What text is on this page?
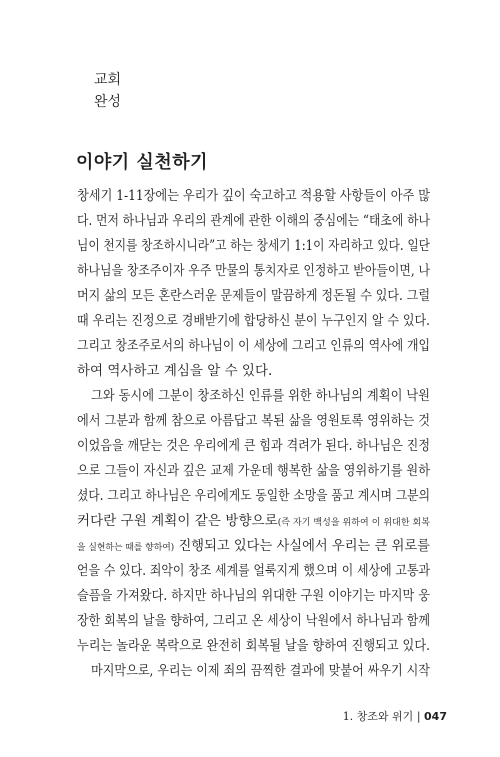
교회
완성
이야기 실천하기
창세기 1-11장에는 우리가 깊이 숙고하고 적용할 사항들이 아주 많
다. 먼저 하나님과 우리의 관계에 관한 이해의 중심에는 “태초에 하나
님이 천지를 창조하시니라”고 하는 창세기 1:1이 자리하고 있다. 일단
하나님을 창조주이자 우주 만물의 통치자로 인정하고 받아들이면, 나
머지 삶의 모든 혼란스러운 문제들이 말끔하게 정돈될 수 있다. 그럴
때 우리는 진정으로 경배받기에 합당하신 분이 누구인지 알 수 있다.
그리고 창조주로서의 하나님이 이 세상에 그리고 인류의 역사에 개입
하여 역사하고 계심을 알 수 있다.
그와 동시에 그분이 창조하신 인류를 위한 하나님의 계획이 낙원
에서 그분과 함께 참으로 아름답고 복된 삶을 영원토록 영위하는 것
이었음을 깨닫는 것은 우리에게 큰 힘과 격려가 된다. 하나님은 진정
으로 그들이 자신과 깊은 교제 가운데 행복한 삶을 영위하기를 원하
셨다. 그리고 하나님은 우리에게도 동일한 소망을 품고 계시며 그분의
커다란 구원 계획이 같은 방향으로(즉 자기 백성을 위하여 이 위대한 회복
을 실현하는 때를 향하여) 진행되고 있다는 사실에서 우리는 큰 위로를
얻을 수 있다. 죄악이 창조 세계를 얼룩지게 했으며 이 세상에 고통과
슬픔을 가져왔다. 하지만 하나님의 위대한 구원 이야기는 마지막 웅
장한 회복의 날을 향하여, 그리고 온 세상이 낙원에서 하나님과 함께
누리는 놀라운 복락으로 완전히 회복될 날을 향하여 진행되고 있다.
마지막으로, 우리는 이제 죄의 끔찍한 결과에 맞붙어 싸우기 시작
1. 창조와 위기 | 047
